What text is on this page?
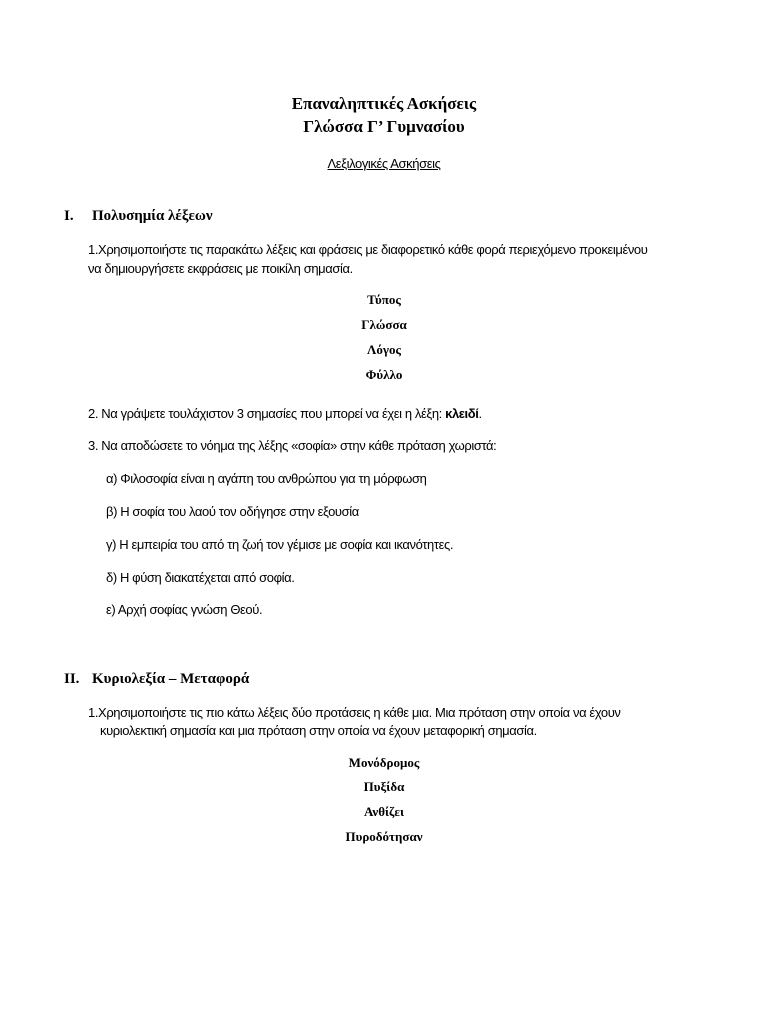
Επαναληπτικές Ασκήσεις
Γλώσσα Γ’ Γυμνασίου
Λεξιλογικές Ασκήσεις
I. Πολυσημία λέξεων
1.Χρησιμοποιήστε τις παρακάτω λέξεις και φράσεις με διαφορετικό κάθε φορά περιεχόμενο προκειμένου
να δημιουργήσετε εκφράσεις με ποικίλη σημασία.
Τύπος
Γλώσσα
Λόγος
Φύλλο
2. Να γράψετε τουλάχιστον 3 σημασίες που μπορεί να έχει η λέξη: κλειδί.
3. Να αποδώσετε το νόημα της λέξης «σοφία» στην κάθε πρόταση χωριστά:
α) Φιλοσοφία είναι η αγάπη του ανθρώπου για τη μόρφωση
β) Η σοφία του λαού τον οδήγησε στην εξουσία
γ) Η εμπειρία του από τη ζωή τον γέμισε με σοφία και ικανότητες.
δ) Η φύση διακατέχεται από σοφία.
ε) Αρχή σοφίας γνώση Θεού.
II. Κυριολεξία – Μεταφορά
1.Χρησιμοποιήστε τις πιο κάτω λέξεις δύο προτάσεις η κάθε μια. Μια πρόταση στην οποία να έχουν
κυριολεκτική σημασία και μια πρόταση στην οποία να έχουν μεταφορική σημασία.
Μονόδρομος
Πυξίδα
Ανθίζει
Πυροδότησαν
